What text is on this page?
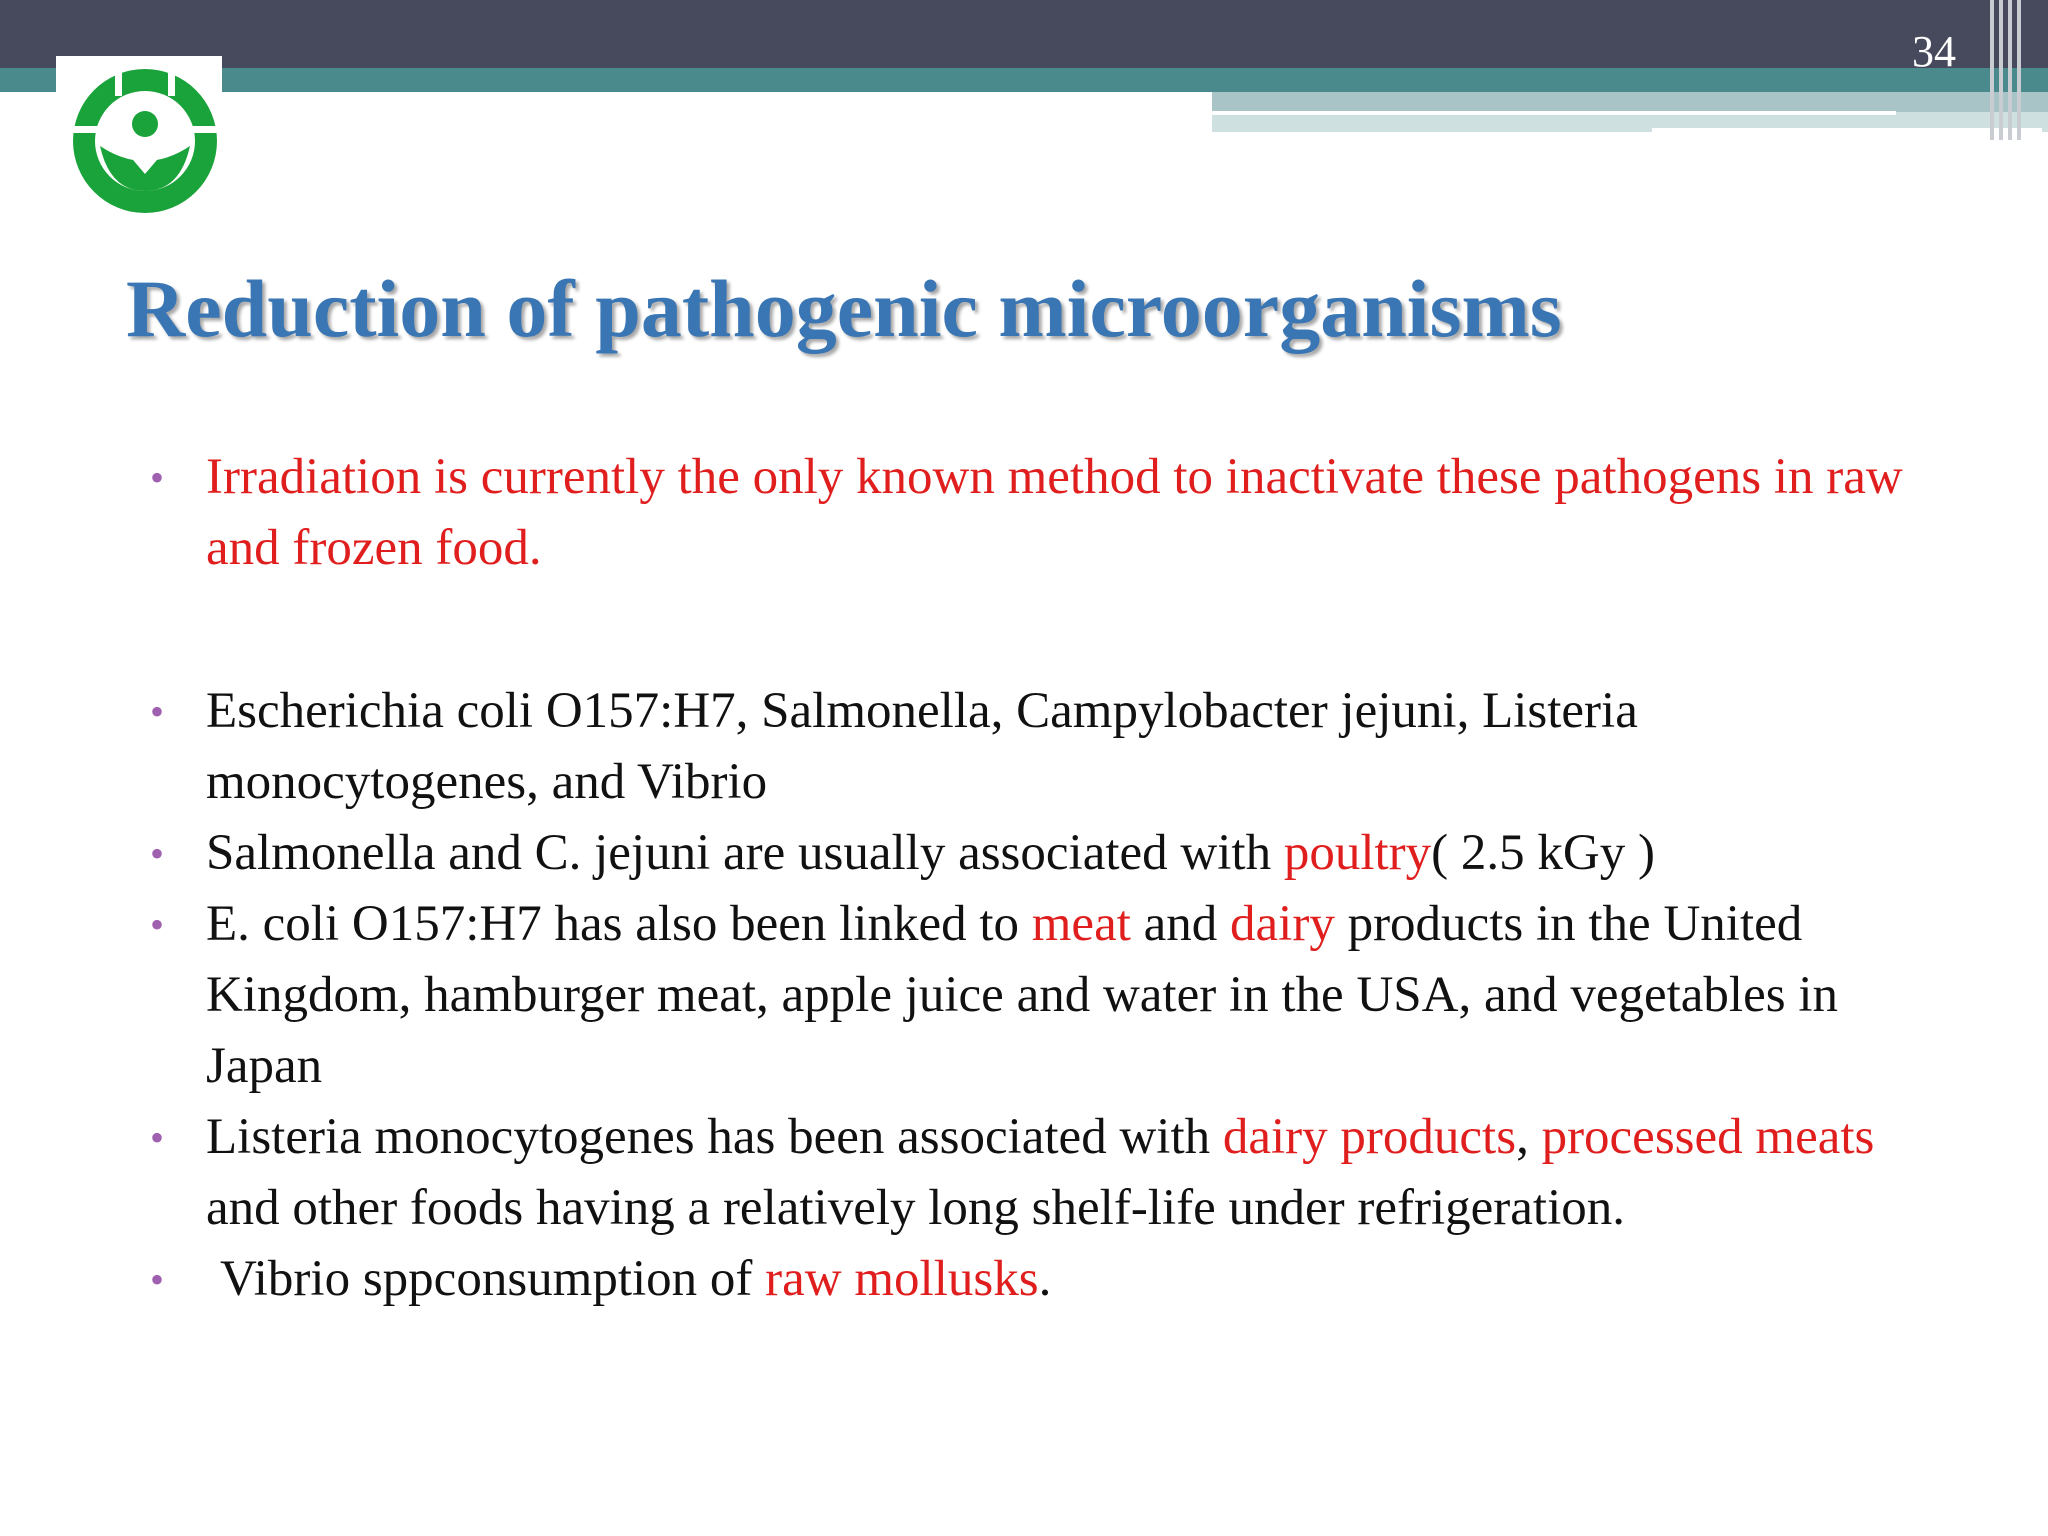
34
Reduction of pathogenic microorganisms
• Irradiation is currently the only known method to inactivate these pathogens in raw and frozen food.
• Escherichia coli O157:H7, Salmonella, Campylobacter jejuni, Listeria monocytogenes, and Vibrio
• Salmonella and C. jejuni are usually associated with poultry( 2.5 kGy )
• E. coli O157:H7 has also been linked to meat and dairy products in the United Kingdom, hamburger meat, apple juice and water in the USA, and vegetables in Japan
• Listeria monocytogenes has been associated with dairy products, processed meats and other foods having a relatively long shelf-life under refrigeration.
• Vibrio sppconsumption of raw mollusks.
